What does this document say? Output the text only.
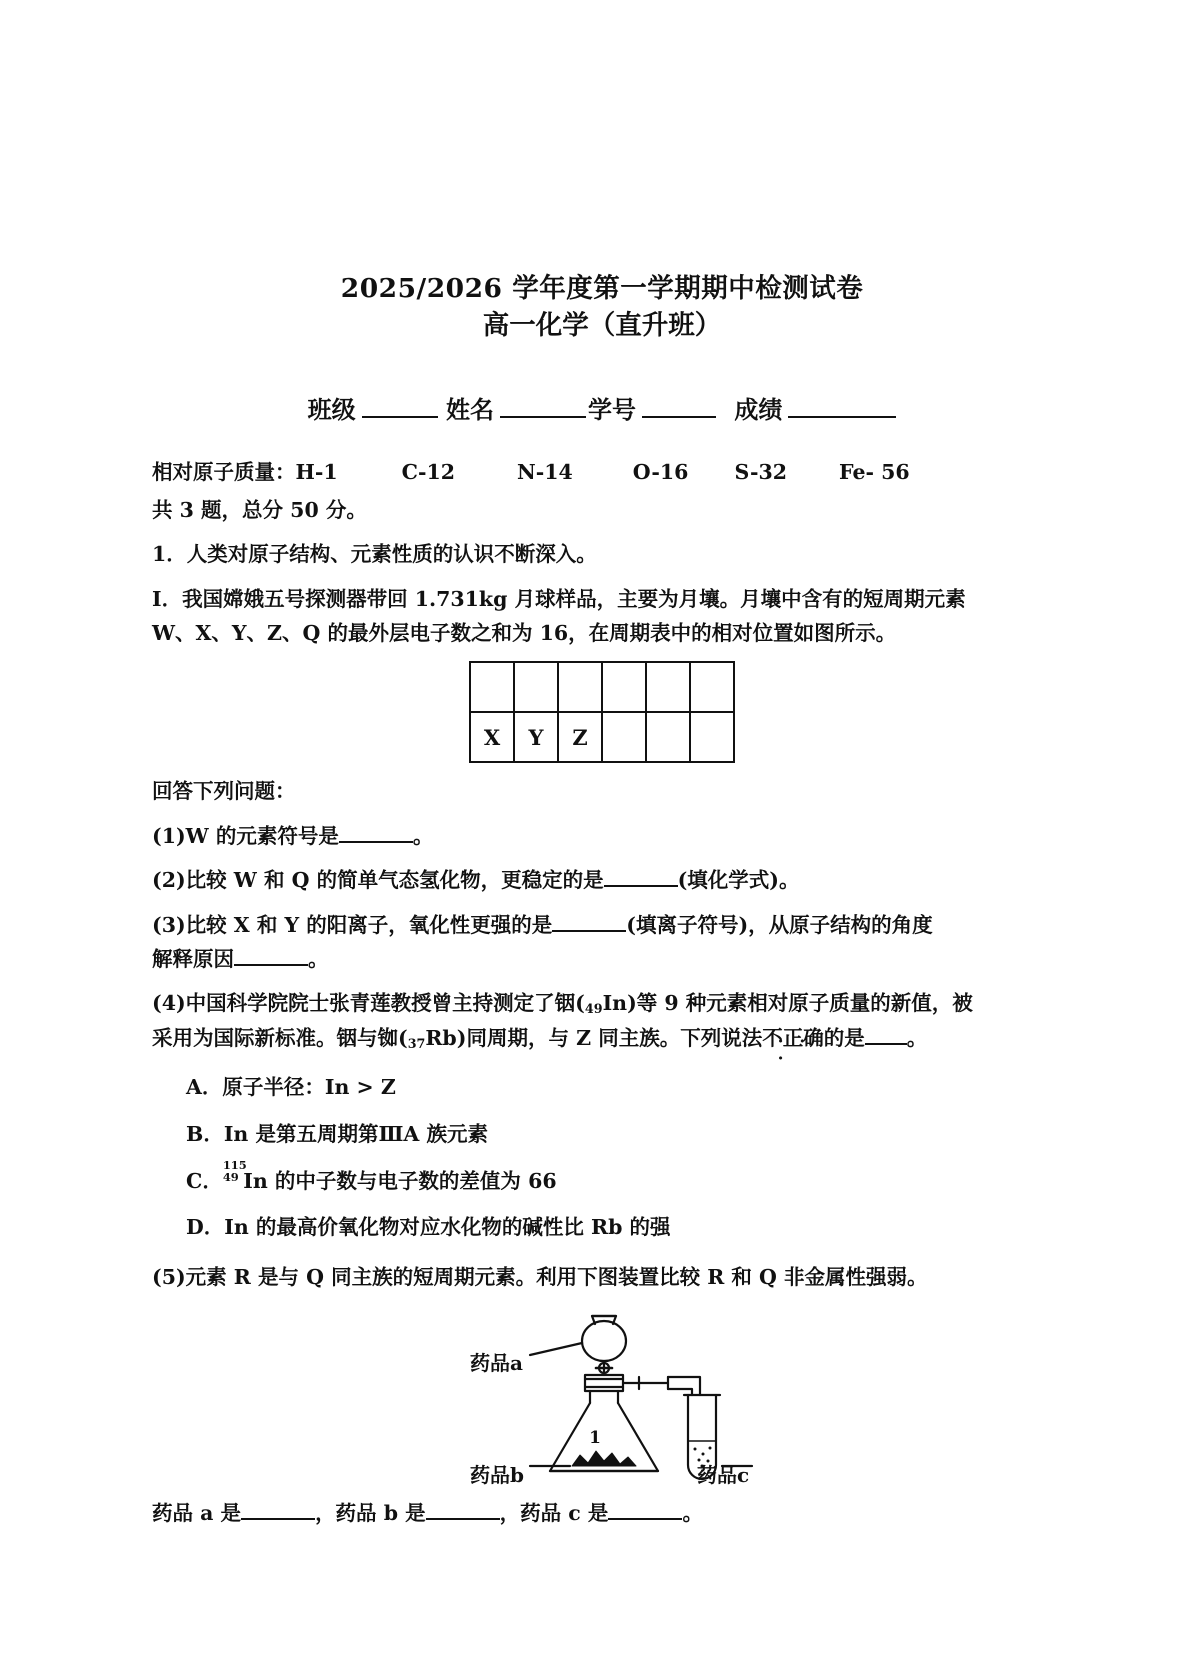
2025/2026 学年度第一学期期中检测试卷
高一化学（直升班）
班级	姓名	学号	成绩
相对原子质量：H-1	C-12	N-14	O-16 S-32	Fe- 56

共 3 题，总分 50 分。

1．人类对原子结构、元素性质的认识不断深入。

I．我国嫦娥五号探测器带回 1.731kg 月球样品，主要为月壤。月壤中含有的短周期元素

W、X、Y、Z、Q 的最外层电子数之和为 16，在周期表中的相对位置如图所示。

X	Y	Z			

回答下列问题：

(1)W 的元素符号是	。

(2)比较 W 和 Q 的简单气态氢化物，更稳定的是	(填化学式)。

(3)比较 X 和 Y 的阳离子，氧化性更强的是	(填离子符号)，从原子结构的角度

解释原因	。

(4)中国科学院院士张青莲教授曾主持测定了铟$(_{49}In)$等 9 种元素相对原子质量的新值，被

采用为国际新标准。铟与铷$(_{37}Rb)$同周期，与 Z 同主族。下列说法不正确 · · ·的是 。

A．原子半径：In > Z
B．In 是第五周期第ⅢA 族元素
C．
115
49 In 的中子数与电子数的差值为 66
D．In 的最高价氧化物对应水化物的碱性比 Rb 的强

(5)元素 R 是与 Q 同主族的短周期元素。利用下图装置比较 R 和 Q 非金属性强弱。

药品a
药品b	药品c

药品 a 是	，药品 b 是	，药品 c 是	。

1
